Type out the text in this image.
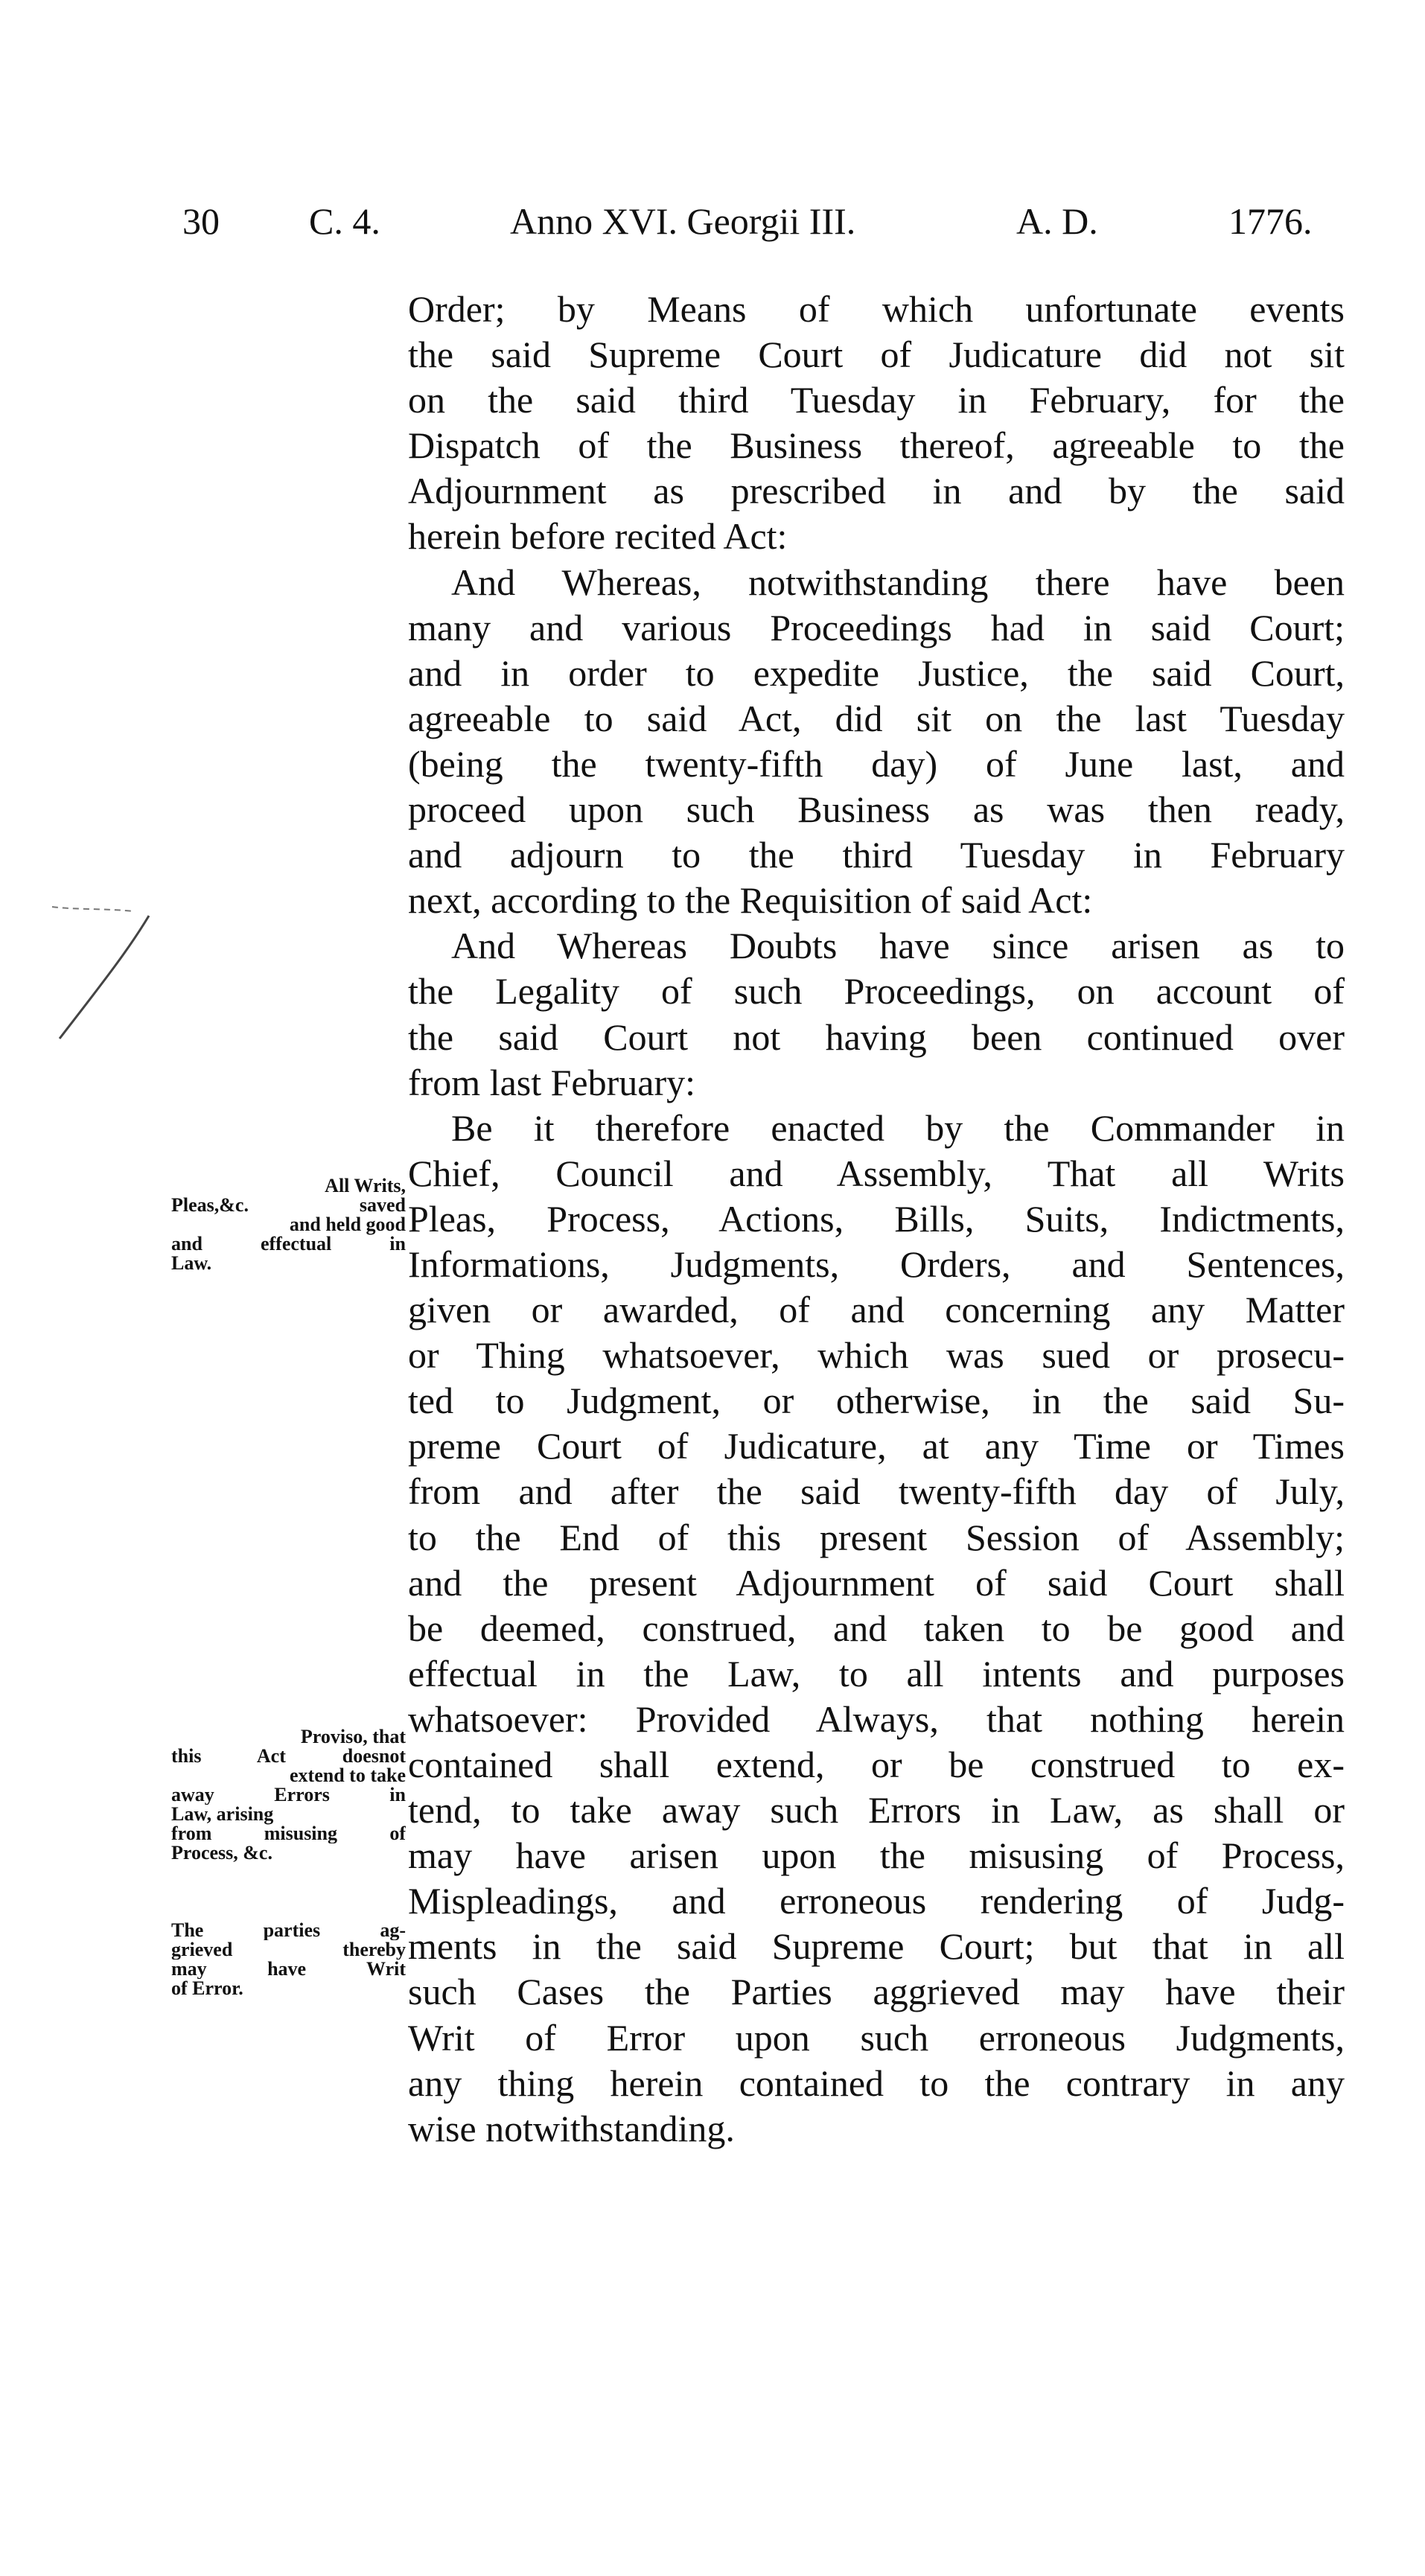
30 C. 4.	Anno XVI. Georgii III.	A. D.	1776.
Order; by Means of which unfortunate events
the said Supreme Court of Judicature did not sit
on the said third Tuesday in February, for the
Dispatch of the Business thereof, agreeable to the
Adjournment as prescribed in and by the said
herein before recited Act:
And Whereas, notwithstanding there have been
many and various Proceedings had in said Court;
and in order to expedite Justice, the said Court,
agreeable to said Act, did sit on the last Tuesday
(being the twenty-fifth day) of June last, and
proceed upon such Business as was then ready,
and adjourn to the third Tuesday in February
next, according to the Requisition of said Act:
And Whereas Doubts have since arisen as to
the Legality of such Proceedings, on account of
the said Court not having been continued over
from last February:
Be it therefore enacted by the Commander in
Chief, Council and Assembly, That all Writs
Pleas, Process, Actions, Bills, Suits, Indictments,
Informations, Judgments, Orders, and Sentences,
given or awarded, of and concerning any Matter
or Thing whatsoever, which was sued or prosecu-
ted to Judgment, or otherwise, in the said Su-
preme Court of Judicature, at any Time or Times
from and after the said twenty-fifth day of July,
to the End of this present Session of Assembly;
and the present Adjournment of said Court shall
be deemed, construed, and taken to be good and
effectual in the Law, to all intents and purposes
whatsoever: Provided Always, that nothing herein
contained shall extend, or be construed to ex-
tend, to take away such Errors in Law, as shall or
may have arisen upon the misusing of Process,
Mispleadings, and erroneous rendering of Judg-
ments in the said Supreme Court; but that in all
such Cases the Parties aggrieved may have their
Writ of Error upon such erroneous Judgments,
any thing herein contained to the contrary in any
wise notwithstanding.
All Writs,
Pleas,&c. saved
and held good
and effectual in
Law.
Proviso, that
this Act doesnot
extend to take
away Errors in
Law, arising
from misusing of
Process, &c.
The parties ag-
grieved thereby
may have Writ
of Error.
